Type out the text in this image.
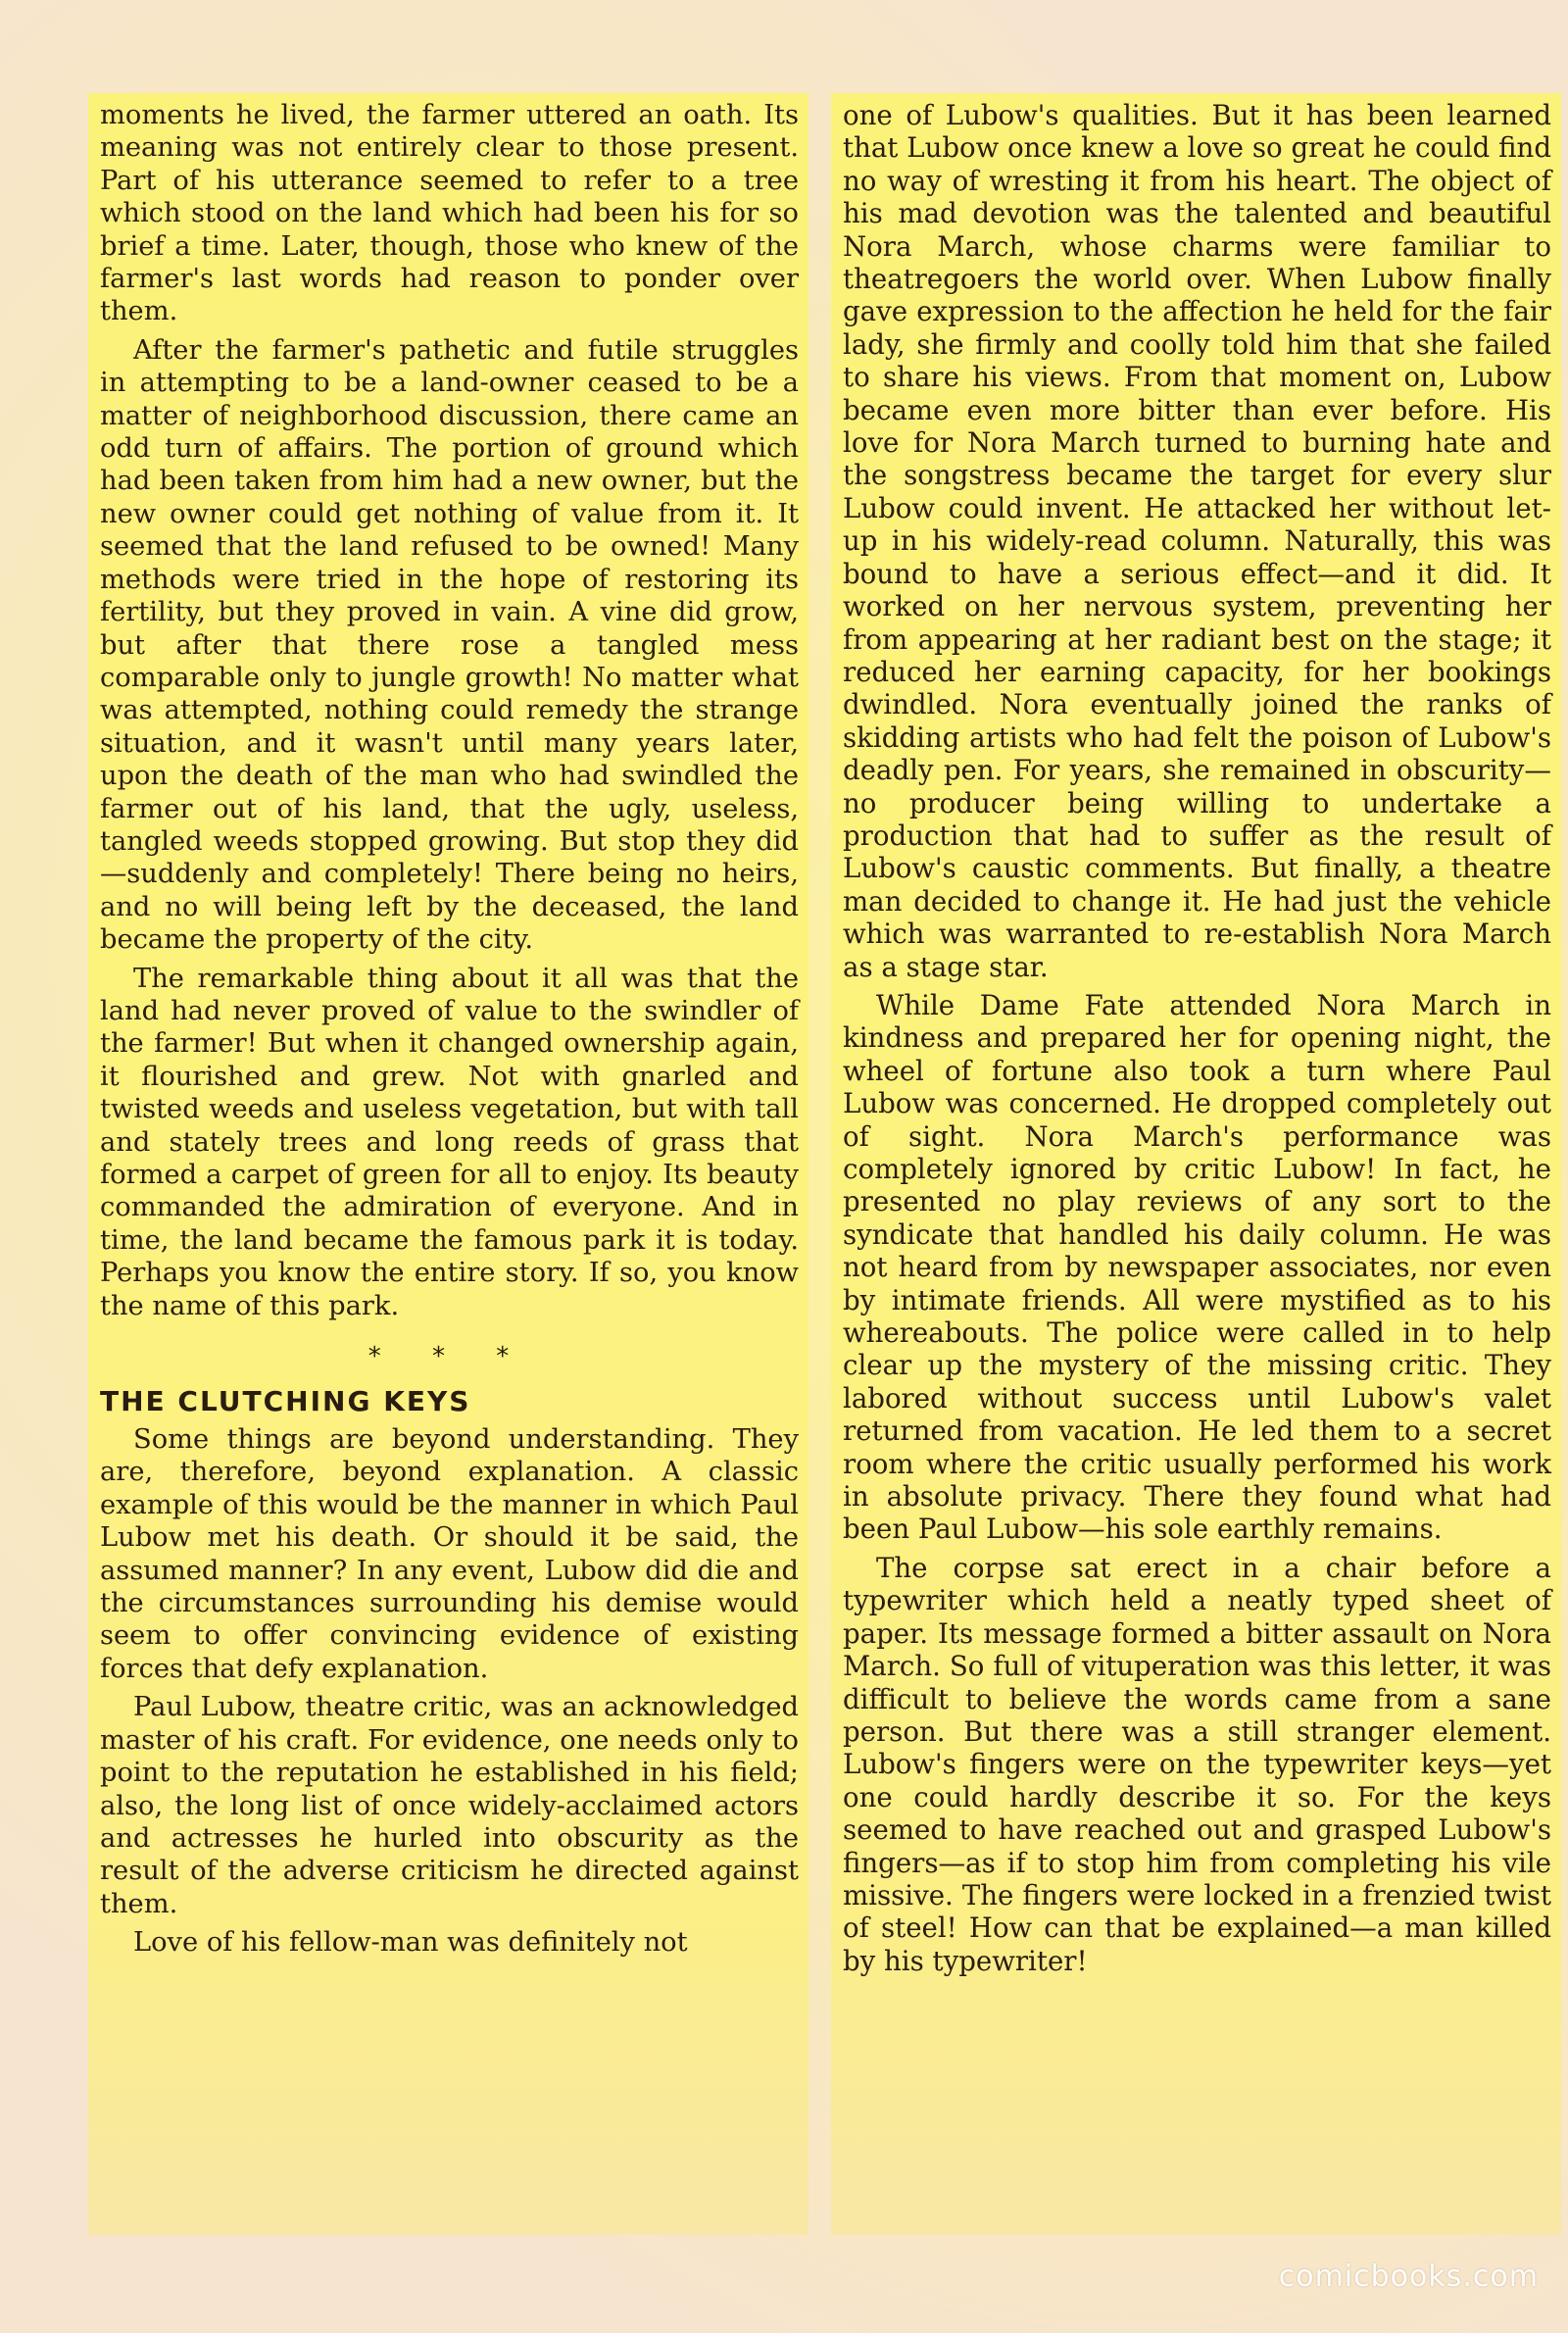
moments he lived, the farmer uttered an oath. Its meaning was not entirely clear to those present. Part of his utterance seemed to refer to a tree which stood on the land which had been his for so brief a time. Later, though, those who knew of the farmer's last words had reason to ponder over them.

After the farmer's pathetic and futile struggles in attempting to be a land-owner ceased to be a matter of neighborhood discussion, there came an odd turn of affairs. The portion of ground which had been taken from him had a new owner, but the new owner could get nothing of value from it. It seemed that the land refused to be owned! Many methods were tried in the hope of restoring its fertility, but they proved in vain. A vine did grow, but after that there rose a tangled mess comparable only to jungle growth! No matter what was attempted, nothing could remedy the strange situation, and it wasn't until many years later, upon the death of the man who had swindled the farmer out of his land, that the ugly, useless, tangled weeds stopped growing. But stop they did—suddenly and completely! There being no heirs, and no will being left by the deceased, the land became the property of the city.

The remarkable thing about it all was that the land had never proved of value to the swindler of the farmer! But when it changed ownership again, it flourished and grew. Not with gnarled and twisted weeds and useless vegetation, but with tall and stately trees and long reeds of grass that formed a carpet of green for all to enjoy. Its beauty commanded the admiration of everyone. And in time, the land became the famous park it is today. Perhaps you know the entire story. If so, you know the name of this park.

* * *
THE CLUTCHING KEYS

Some things are beyond understanding. They are, therefore, beyond explanation. A classic example of this would be the manner in which Paul Lubow met his death. Or should it be said, the assumed manner? In any event, Lubow did die and the circumstances surrounding his demise would seem to offer convincing evidence of existing forces that defy explanation.

Paul Lubow, theatre critic, was an acknowledged master of his craft. For evidence, one needs only to point to the reputation he established in his field; also, the long list of once widely-acclaimed actors and actresses he hurled into obscurity as the result of the adverse criticism he directed against them.

Love of his fellow-man was definitely not

one of Lubow's qualities. But it has been learned that Lubow once knew a love so great he could find no way of wresting it from his heart. The object of his mad devotion was the talented and beautiful Nora March, whose charms were familiar to theatregoers the world over. When Lubow finally gave expression to the affection he held for the fair lady, she firmly and coolly told him that she failed to share his views. From that moment on, Lubow became even more bitter than ever before. His love for Nora March turned to burning hate and the songstress became the target for every slur Lubow could invent. He attacked her without let-up in his widely-read column. Naturally, this was bound to have a serious effect—and it did. It worked on her nervous system, preventing her from appearing at her radiant best on the stage; it reduced her earning capacity, for her bookings dwindled. Nora eventually joined the ranks of skidding artists who had felt the poison of Lubow's deadly pen. For years, she remained in obscurity—no producer being willing to undertake a production that had to suffer as the result of Lubow's caustic comments. But finally, a theatre man decided to change it. He had just the vehicle which was warranted to re-establish Nora March as a stage star.

While Dame Fate attended Nora March in kindness and prepared her for opening night, the wheel of fortune also took a turn where Paul Lubow was concerned. He dropped completely out of sight. Nora March's performance was completely ignored by critic Lubow! In fact, he presented no play reviews of any sort to the syndicate that handled his daily column. He was not heard from by newspaper associates, nor even by intimate friends. All were mystified as to his whereabouts. The police were called in to help clear up the mystery of the missing critic. They labored without success until Lubow's valet returned from vacation. He led them to a secret room where the critic usually performed his work in absolute privacy. There they found what had been Paul Lubow—his sole earthly remains.

The corpse sat erect in a chair before a typewriter which held a neatly typed sheet of paper. Its message formed a bitter assault on Nora March. So full of vituperation was this letter, it was difficult to believe the words came from a sane person. But there was a still stranger element. Lubow's fingers were on the typewriter keys—yet one could hardly describe it so. For the keys seemed to have reached out and grasped Lubow's fingers—as if to stop him from completing his vile missive. The fingers were locked in a frenzied twist of steel! How can that be explained—a man killed by his typewriter!

comicbooks.com
